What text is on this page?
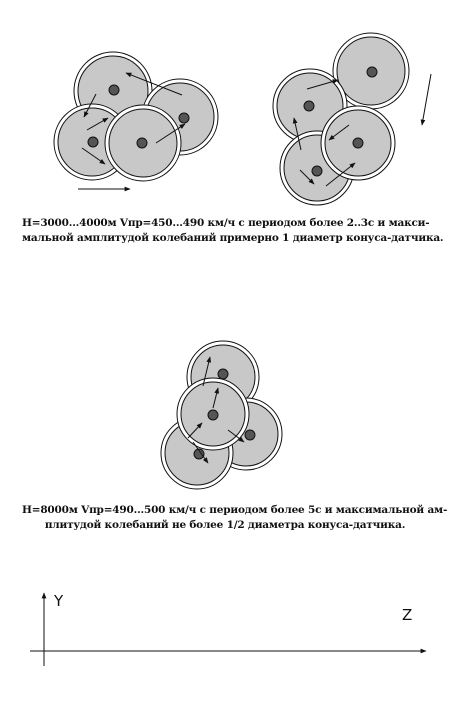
Y
Z
H=3000...4000м Vпр=450...490 км/ч с периодом более 2..3с и макси-
мальной амплитудой колебаний примерно 1 диаметр конуса-датчика.
H=8000м Vпр=490...500 км/ч с периодом более 5с и максимальной ам-
плитудой колебаний не более 1/2 диаметра конуса-датчика.
